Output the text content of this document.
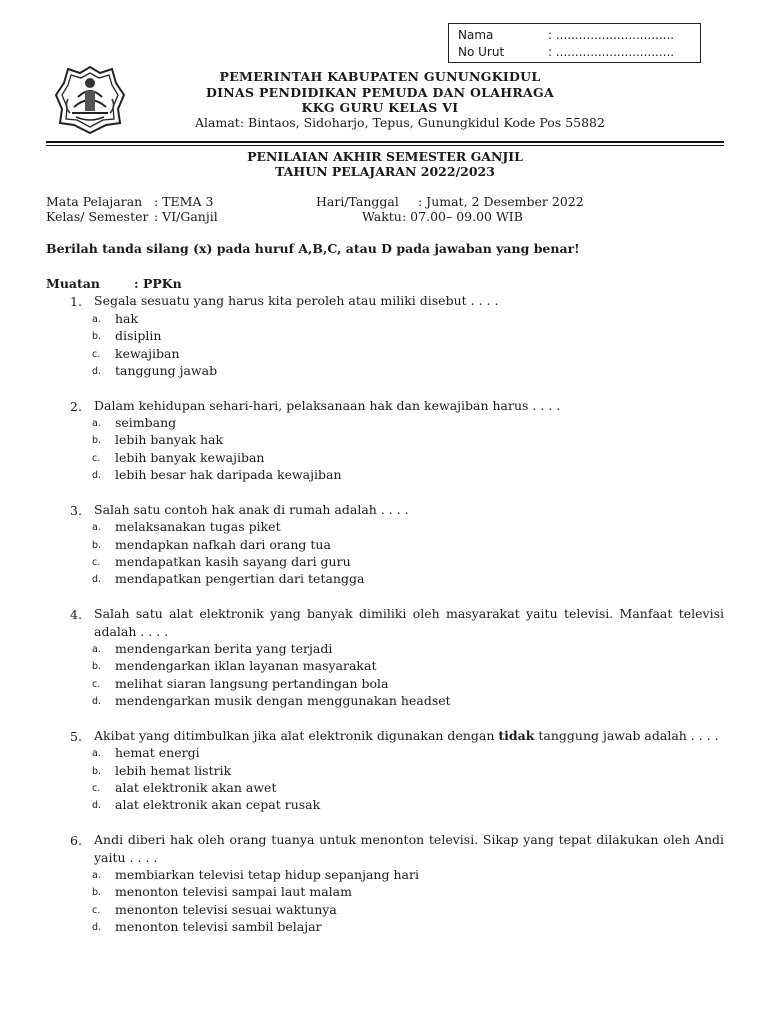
Nama	: ...............................
No Urut	: ...............................
PEMERINTAH KABUPATEN GUNUNGKIDUL
DINAS PENDIDIKAN PEMUDA DAN OLAHRAGA
KKG GURU KELAS VI
Alamat: Bintaos, Sidoharjo, Tepus, Gunungkidul Kode Pos 55882
PENILAIAN AKHIR SEMESTER GANJIL
TAHUN PELAJARAN 2022/2023
Mata Pelajaran : TEMA 3
Kelas/ Semester : VI/Ganjil
Hari/Tanggal : Jumat, 2 Desember 2022
Waktu : 07.00– 09.00 WIB
Berilah tanda silang (x) pada huruf A,B,C, atau D pada jawaban yang benar!
Muatan	: PPKn
1. Segala sesuatu yang harus kita peroleh atau miliki disebut . . . .
a. hak
b. disiplin
c. kewajiban
d. tanggung jawab
2. Dalam kehidupan sehari-hari, pelaksanaan hak dan kewajiban harus . . . .
a. seimbang
b. lebih banyak hak
c. lebih banyak kewajiban
d. lebih besar hak daripada kewajiban
3. Salah satu contoh hak anak di rumah adalah . . . .
a. melaksanakan tugas piket
b. mendapkan nafkah dari orang tua
c. mendapatkan kasih sayang dari guru
d. mendapatkan pengertian dari tetangga
4. Salah satu alat elektronik yang banyak dimiliki oleh masyarakat yaitu televisi. Manfaat televisi adalah . . . .
a. mendengarkan berita yang terjadi
b. mendengarkan iklan layanan masyarakat
c. melihat siaran langsung pertandingan bola
d. mendengarkan musik dengan menggunakan headset
5. Akibat yang ditimbulkan jika alat elektronik digunakan dengan tidak tanggung jawab adalah . . . .
a. hemat energi
b. lebih hemat listrik
c. alat elektronik akan awet
d. alat elektronik akan cepat rusak
6. Andi diberi hak oleh orang tuanya untuk menonton televisi. Sikap yang tepat dilakukan oleh Andi yaitu . . . .
a. membiarkan televisi tetap hidup sepanjang hari
b. menonton televisi sampai laut malam
c. menonton televisi sesuai waktunya
d. menonton televisi sambil belajar
